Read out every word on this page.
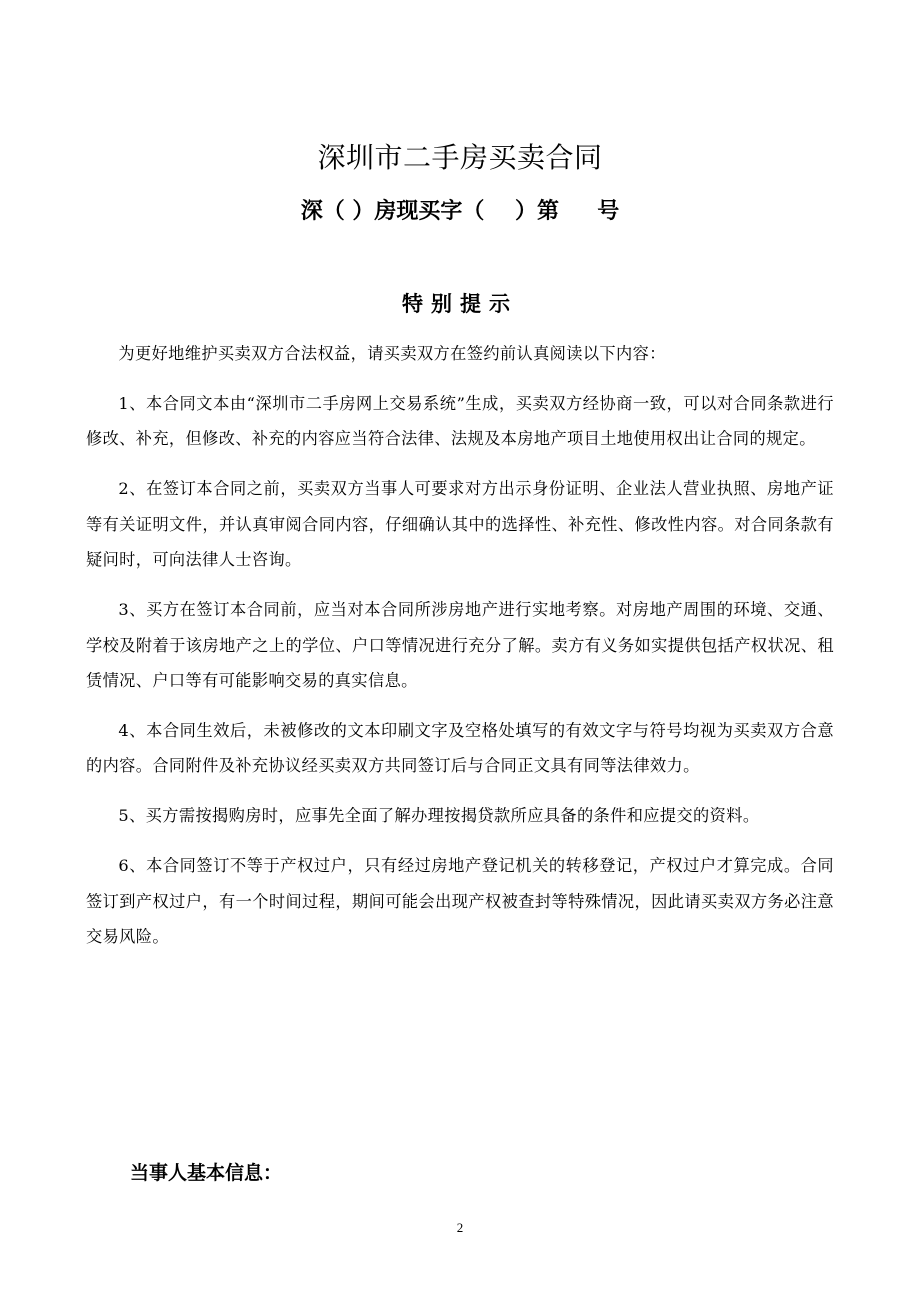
深圳市二手房买卖合同
深（ ）房现买字（    ）第     号
特别提示

为更好地维护买卖双方合法权益，请买卖双方在签约前认真阅读以下内容：

1、本合同文本由“深圳市二手房网上交易系统”生成，买卖双方经协商一致，可以对合同条款进行修改、补充，但修改、补充的内容应当符合法律、法规及本房地产项目土地使用权出让合同的规定。

2、在签订本合同之前，买卖双方当事人可要求对方出示身份证明、企业法人营业执照、房地产证等有关证明文件，并认真审阅合同内容，仔细确认其中的选择性、补充性、修改性内容。对合同条款有疑问时，可向法律人士咨询。

3、买方在签订本合同前，应当对本合同所涉房地产进行实地考察。对房地产周围的环境、交通、学校及附着于该房地产之上的学位、户口等情况进行充分了解。卖方有义务如实提供包括产权状况、租赁情况、户口等有可能影响交易的真实信息。

4、本合同生效后，未被修改的文本印刷文字及空格处填写的有效文字与符号均视为买卖双方合意的内容。合同附件及补充协议经买卖双方共同签订后与合同正文具有同等法律效力。

5、买方需按揭购房时，应事先全面了解办理按揭贷款所应具备的条件和应提交的资料。

6、本合同签订不等于产权过户，只有经过房地产登记机关的转移登记，产权过户才算完成。合同签订到产权过户，有一个时间过程，期间可能会出现产权被查封等特殊情况，因此请买卖双方务必注意交易风险。

当事人基本信息：
2
